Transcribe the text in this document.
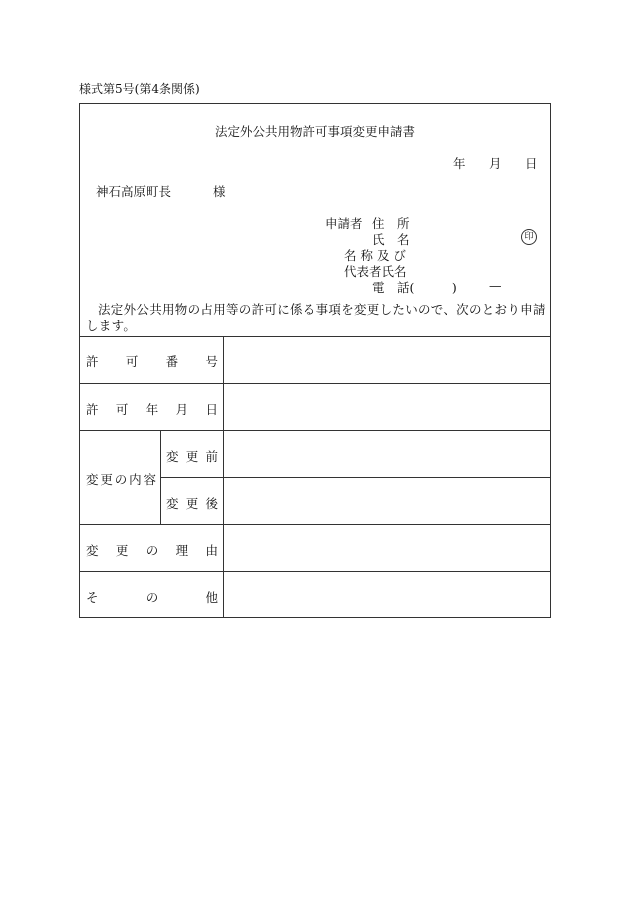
様式第5号(第4条関係)
法定外公共用物許可事項変更申請書
年 月 日
神石高原町長	様
申請者 住　所
氏　名	印
名 称 及 び
代表者氏名
電　話(　　　)	—
法定外公共用物の占用等の許可に係る事項を変更したいので、次のとおり申請します。
許 可 番 号
許 可 年 月 日
変 更 の 内 容
変 更 前
変 更 後
変 更 の 理 由
そ	の	他
